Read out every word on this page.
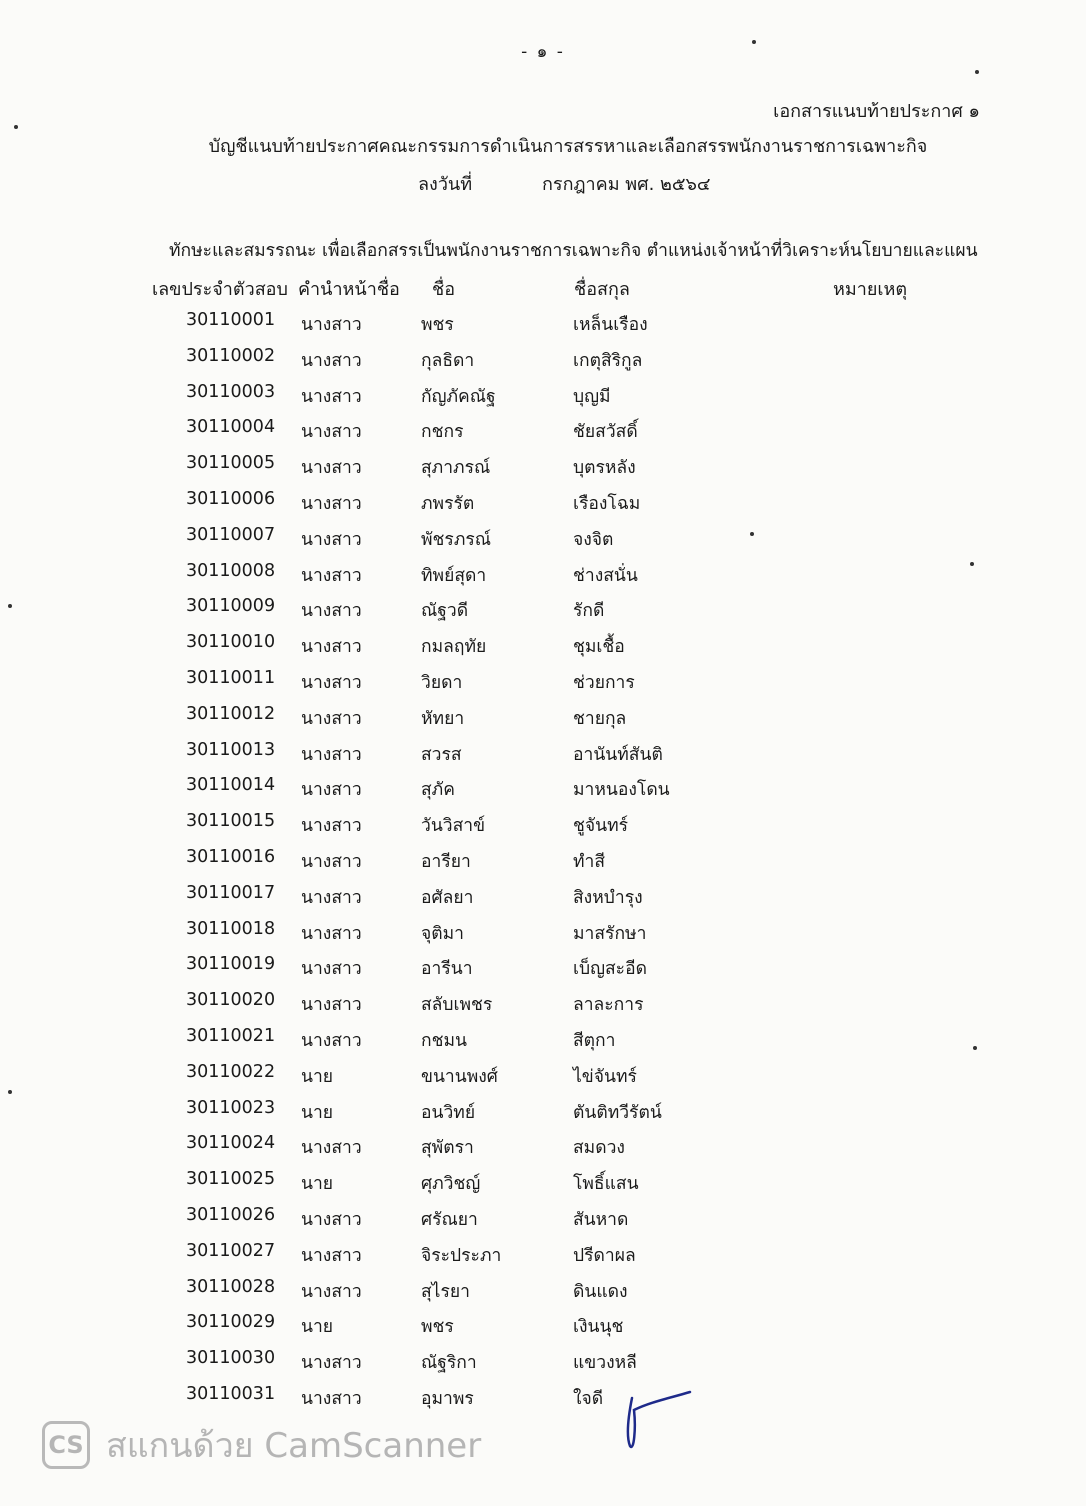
- ๑ -
เอกสารแนบท้ายประกาศ ๑
บัญชีแนบท้ายประกาศคณะกรรมการดำเนินการสรรหาและเลือกสรรพนักงานราชการเฉพาะกิจ
ลงวันที่	กรกฎาคม พศ. ๒๕๖๔
ทักษะและสมรรถนะ เพื่อเลือกสรรเป็นพนักงานราชการเฉพาะกิจ ตำแหน่งเจ้าหน้าที่วิเคราะห์นโยบายและแผน
เลขประจำตัวสอบ คำนำหน้าชื่อ ชื่อ	ชื่อสกุล	หมายเหตุ
30110001 นางสาว	พชร	เหล็นเรือง
30110002 นางสาว	กุลธิดา	เกตุสิริกูล
30110003 นางสาว	กัญภัคณัฐ	บุญมี
30110004 นางสาว	กชกร	ชัยสวัสดิ์
30110005 นางสาว	สุภาภรณ์	บุตรหลัง
30110006 นางสาว	ภพรรัต	เรืองโฉม
30110007 นางสาว	พัชรภรณ์	จงจิต
30110008 นางสาว	ทิพย์สุดา	ช่างสนั่น
30110009 นางสาว	ณัฐวดี	รักดี
30110010 นางสาว	กมลฤทัย	ชุมเชื้อ
30110011 นางสาว	วิยดา	ช่วยการ
30110012 นางสาว	หัทยา	ชายกุล
30110013 นางสาว	สวรส	อานันท์สันติ
30110014 นางสาว	สุภัค	มาหนองโดน
30110015 นางสาว	วันวิสาข์	ชูจันทร์
30110016 นางสาว	อารียา	ทำสี
30110017 นางสาว	อศัลยา	สิงหบำรุง
30110018 นางสาว	จุติมา	มาสรักษา
30110019 นางสาว	อารีนา	เบ็ญสะอีด
30110020 นางสาว	สลับเพชร	ลาละการ
30110021 นางสาว	กชมน	สีตุกา
30110022 นาย	ขนานพงศ์	ไข่จันทร์
30110023 นาย	อนวิทย์	ตันติทวีรัตน์
30110024 นางสาว	สุพัตรา	สมดวง
30110025 นาย	ศุภวิชญ์	โพธิ์แสน
30110026 นางสาว	ศรัณยา	สันหาด
30110027 นางสาว	จิระประภา	ปรีดาผล
30110028 นางสาว	สุไรยา	ดินแดง
30110029 นาย	พชร	เงินนุช
30110030 นางสาว	ณัฐริกา	แขวงหลี
30110031 นางสาว	อุมาพร	ใจดี
CS สแกนด้วย CamScanner
